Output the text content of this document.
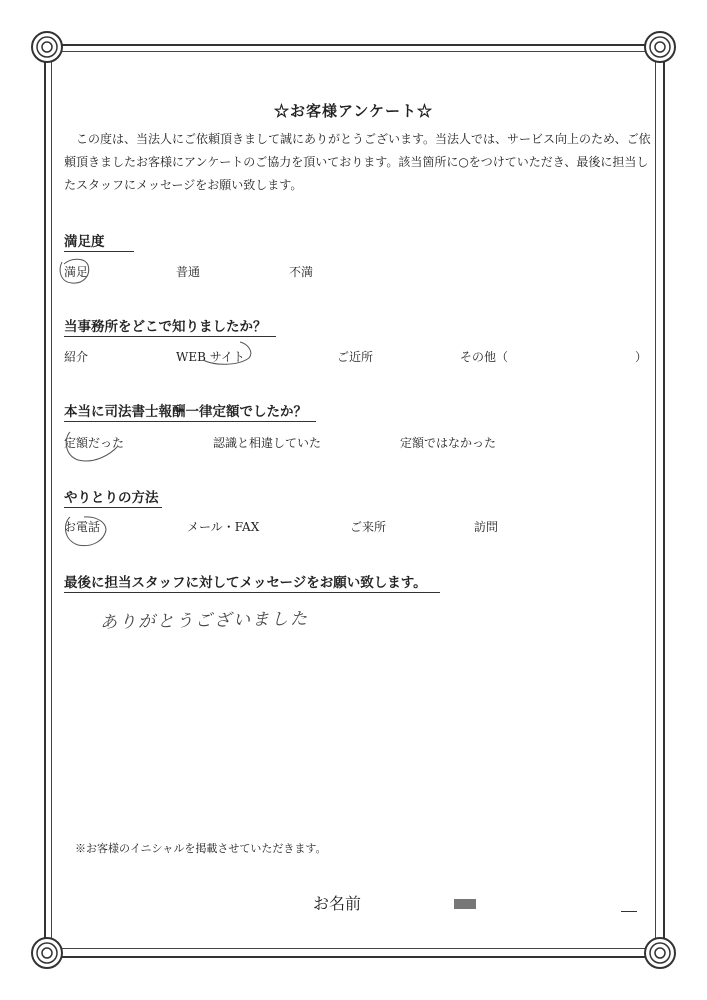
☆お客様アンケート☆
この度は、当法人にご依頼頂きまして誠にありがとうございます。当法人では、サービス向上のため、ご依頼頂きましたお客様にアンケートのご協力を頂いております。該当箇所に○をつけていただき、最後に担当したスタッフにメッセージをお願い致します。
満足度
満足	普通	不満
当事務所をどこで知りましたか？
紹介	WEB サイト	ご近所	その他（	）
本当に司法書士報酬一律定額でしたか？
定額だった	認識と相違していた	定額ではなかった
やりとりの方法
お電話	メール・FAX	ご来所	訪問
最後に担当スタッフに対してメッセージをお願い致します。
ありがとうございました
※お客様のイニシャルを掲載させていただきます。
お名前
